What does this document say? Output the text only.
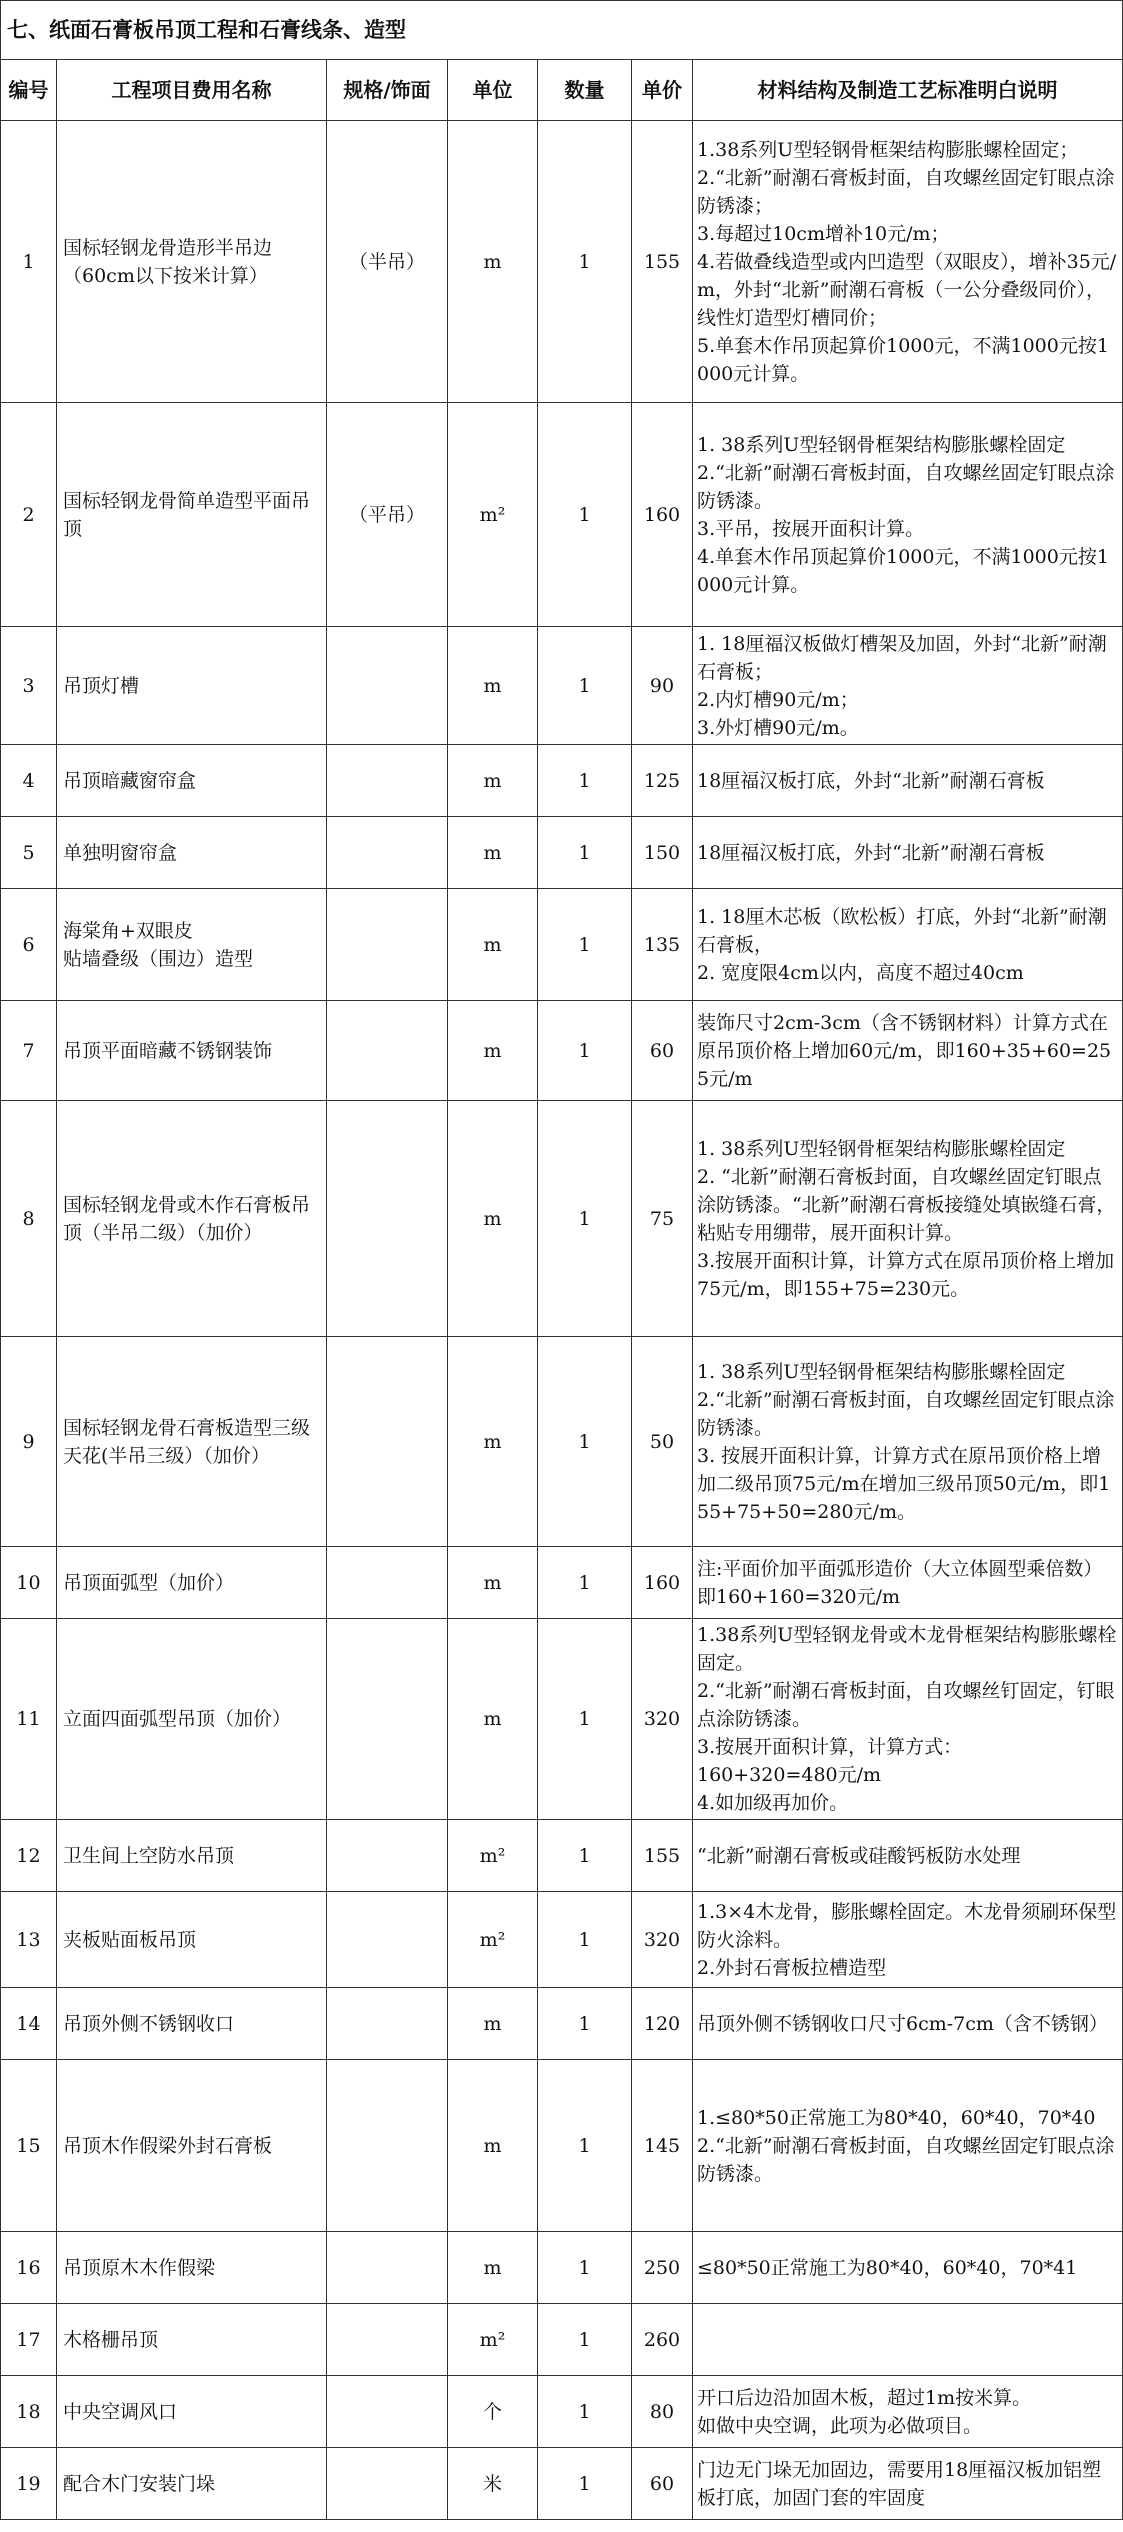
七、纸面石膏板吊顶工程和石膏线条、造型						
编号	工程项目费用名称	规格/饰面	单位	数量	单价	材料结构及制造工艺标准明白说明
1	国标轻钢龙骨造形半吊边（60cm以下按米计算）	（半吊）	m	1	155	1.38系列U型轻钢骨框架结构膨胀螺栓固定；
2.“北新”耐潮石膏板封面，自攻螺丝固定钉眼点涂防锈漆；
3.每超过10cm增补10元/m；
4.若做叠线造型或内凹造型（双眼皮），增补35元/m，外封“北新”耐潮石膏板（一公分叠级同价），线性灯造型灯槽同价；
5.单套木作吊顶起算价1000元，不满1000元按1000元计算。
2	国标轻钢龙骨简单造型平面吊顶	（平吊）	m²	1	160	1. 38系列U型轻钢骨框架结构膨胀螺栓固定
2.“北新”耐潮石膏板封面，自攻螺丝固定钉眼点涂防锈漆。
3.平吊，按展开面积计算。
4.单套木作吊顶起算价1000元，不满1000元按1000元计算。
3	吊顶灯槽		m	1	90	1. 18厘福汉板做灯槽架及加固，外封“北新”耐潮石膏板；
2.内灯槽90元/m；
3.外灯槽90元/m。
4	吊顶暗藏窗帘盒		m	1	125	18厘福汉板打底，外封“北新”耐潮石膏板
5	单独明窗帘盒		m	1	150	18厘福汉板打底，外封“北新”耐潮石膏板
6	海棠角+双眼皮
贴墙叠级（围边）造型		m	1	135	1. 18厘木芯板（欧松板）打底，外封“北新”耐潮石膏板，
2. 宽度限4cm以内，高度不超过40cm
7	吊顶平面暗藏不锈钢装饰		m	1	60	装饰尺寸2cm-3cm（含不锈钢材料）计算方式在原吊顶价格上增加60元/m，即160+35+60=255元/m
8	国标轻钢龙骨或木作石膏板吊顶（半吊二级）（加价）		m	1	75	1. 38系列U型轻钢骨框架结构膨胀螺栓固定
2. “北新”耐潮石膏板封面，自攻螺丝固定钉眼点涂防锈漆。“北新”耐潮石膏板接缝处填嵌缝石膏，粘贴专用绷带，展开面积计算。
3.按展开面积计算，计算方式在原吊顶价格上增加75元/m，即155+75=230元。
9	国标轻钢龙骨石膏板造型三级天花(半吊三级）（加价）		m	1	50	1. 38系列U型轻钢骨框架结构膨胀螺栓固定
2.“北新”耐潮石膏板封面，自攻螺丝固定钉眼点涂防锈漆。
3. 按展开面积计算，计算方式在原吊顶价格上增加二级吊顶75元/m在增加三级吊顶50元/m，即155+75+50=280元/m。
10	吊顶面弧型（加价）		m	1	160	注:平面价加平面弧形造价（大立体圆型乘倍数）即160+160=320元/m
11	立面四面弧型吊顶（加价）		m	1	320	1.38系列U型轻钢龙骨或木龙骨框架结构膨胀螺栓固定。
2.“北新”耐潮石膏板封面，自攻螺丝钉固定，钉眼点涂防锈漆。
3.按展开面积计算，计算方式：
160+320=480元/m
4.如加级再加价。
12	卫生间上空防水吊顶		m²	1	155	“北新”耐潮石膏板或硅酸钙板防水处理
13	夹板贴面板吊顶		m²	1	320	1.3×4木龙骨，膨胀螺栓固定。木龙骨须刷环保型防火涂料。
2.外封石膏板拉槽造型
14	吊顶外侧不锈钢收口		m	1	120	吊顶外侧不锈钢收口尺寸6cm-7cm（含不锈钢）
15	吊顶木作假梁外封石膏板		m	1	145	1.≤80*50正常施工为80*40，60*40，70*40
2.“北新”耐潮石膏板封面，自攻螺丝固定钉眼点涂防锈漆。
16	吊顶原木木作假梁		m	1	250	≤80*50正常施工为80*40，60*40，70*41
17	木格栅吊顶		m²	1	260	
18	中央空调风口		个	1	80	开口后边沿加固木板，超过1m按米算。
如做中央空调，此项为必做项目。
19	配合木门安装门垛		米	1	60	门边无门垛无加固边，需要用18厘福汉板加铝塑板打底，加固门套的牢固度
